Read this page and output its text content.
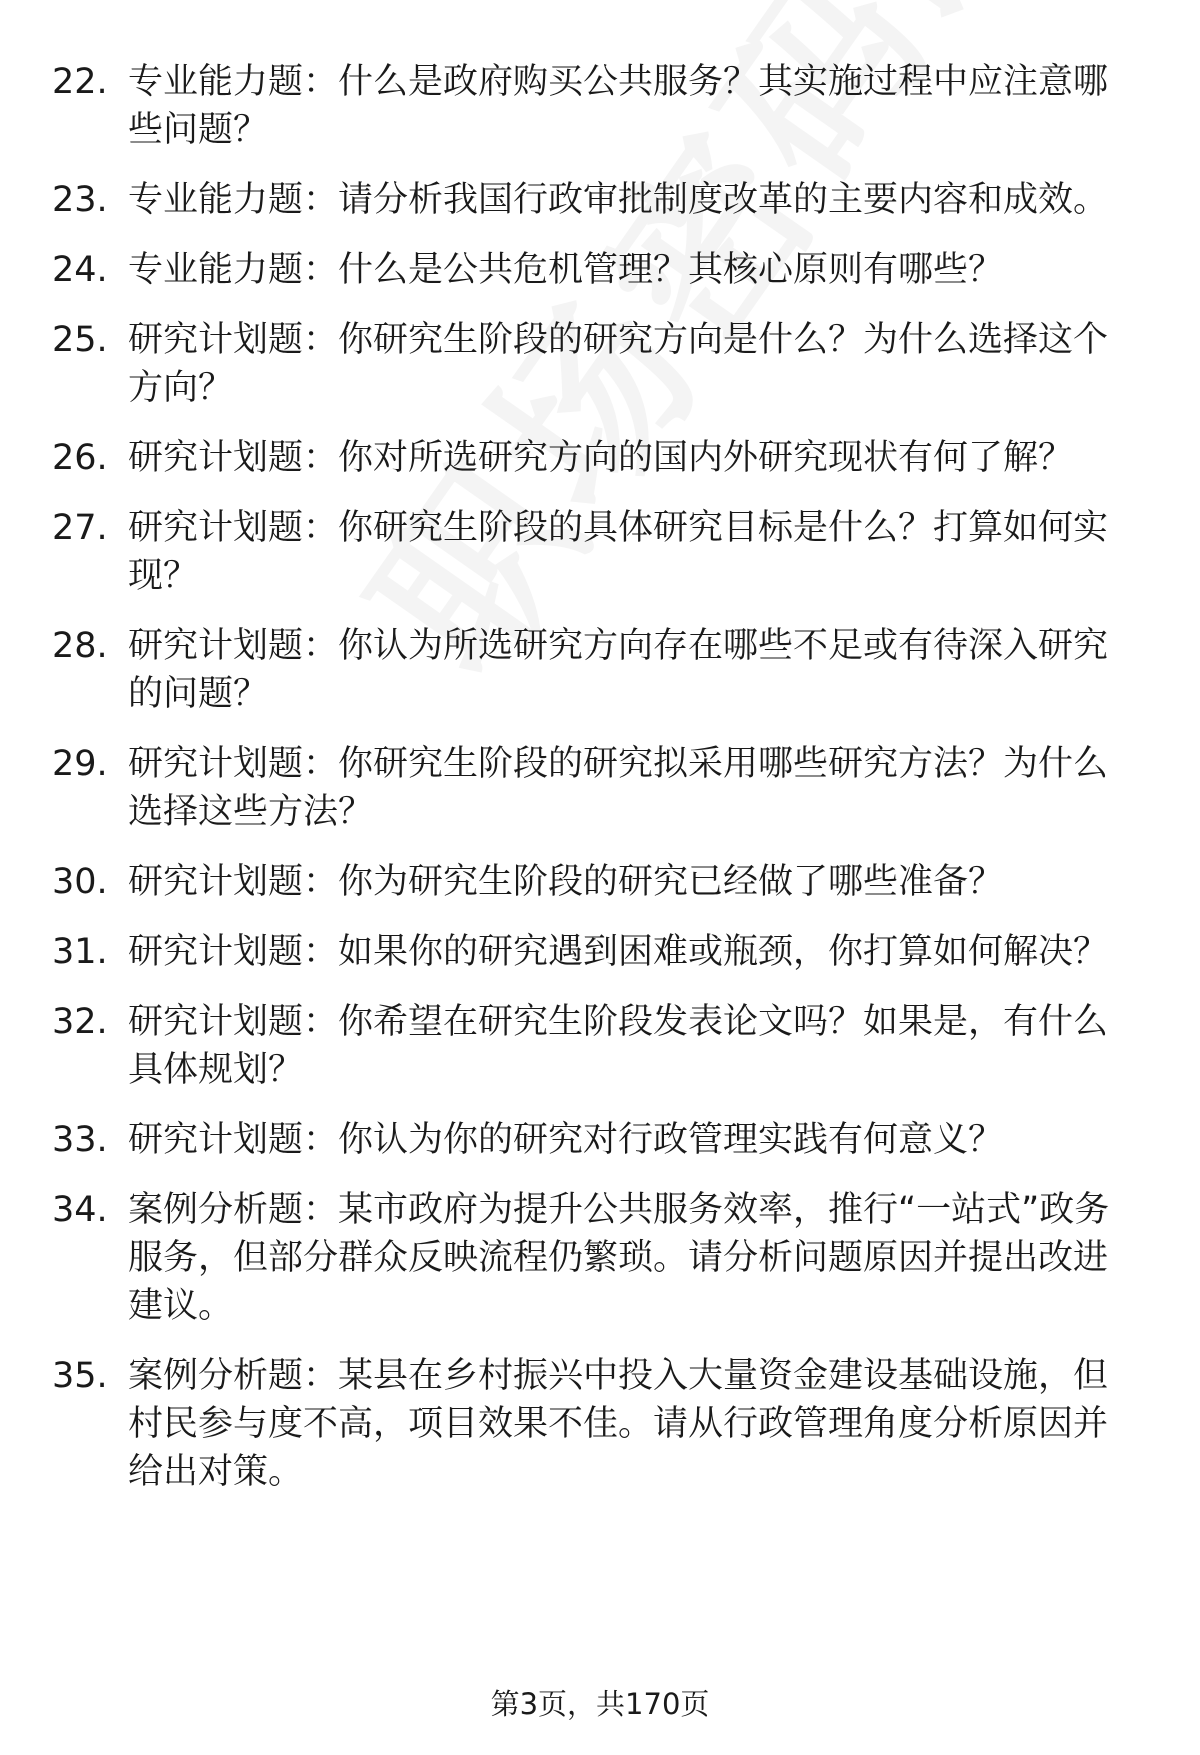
22. 专业能力题：什么是政府购买公共服务？其实施过程中应注意哪些问题？
23. 专业能力题：请分析我国行政审批制度改革的主要内容和成效。
24. 专业能力题：什么是公共危机管理？其核心原则有哪些？
25. 研究计划题：你研究生阶段的研究方向是什么？为什么选择这个方向？
26. 研究计划题：你对所选研究方向的国内外研究现状有何了解？
27. 研究计划题：你研究生阶段的具体研究目标是什么？打算如何实现？
28. 研究计划题：你认为所选研究方向存在哪些不足或有待深入研究的问题？
29. 研究计划题：你研究生阶段的研究拟采用哪些研究方法？为什么选择这些方法？
30. 研究计划题：你为研究生阶段的研究已经做了哪些准备？
31. 研究计划题：如果你的研究遇到困难或瓶颈，你打算如何解决？
32. 研究计划题：你希望在研究生阶段发表论文吗？如果是，有什么具体规划？
33. 研究计划题：你认为你的研究对行政管理实践有何意义？
34. 案例分析题：某市政府为提升公共服务效率，推行“一站式”政务服务，但部分群众反映流程仍繁琐。请分析问题原因并提出改进建议。
35. 案例分析题：某县在乡村振兴中投入大量资金建设基础设施，但村民参与度不高，项目效果不佳。请从行政管理角度分析原因并给出对策。
第3页，共170页
